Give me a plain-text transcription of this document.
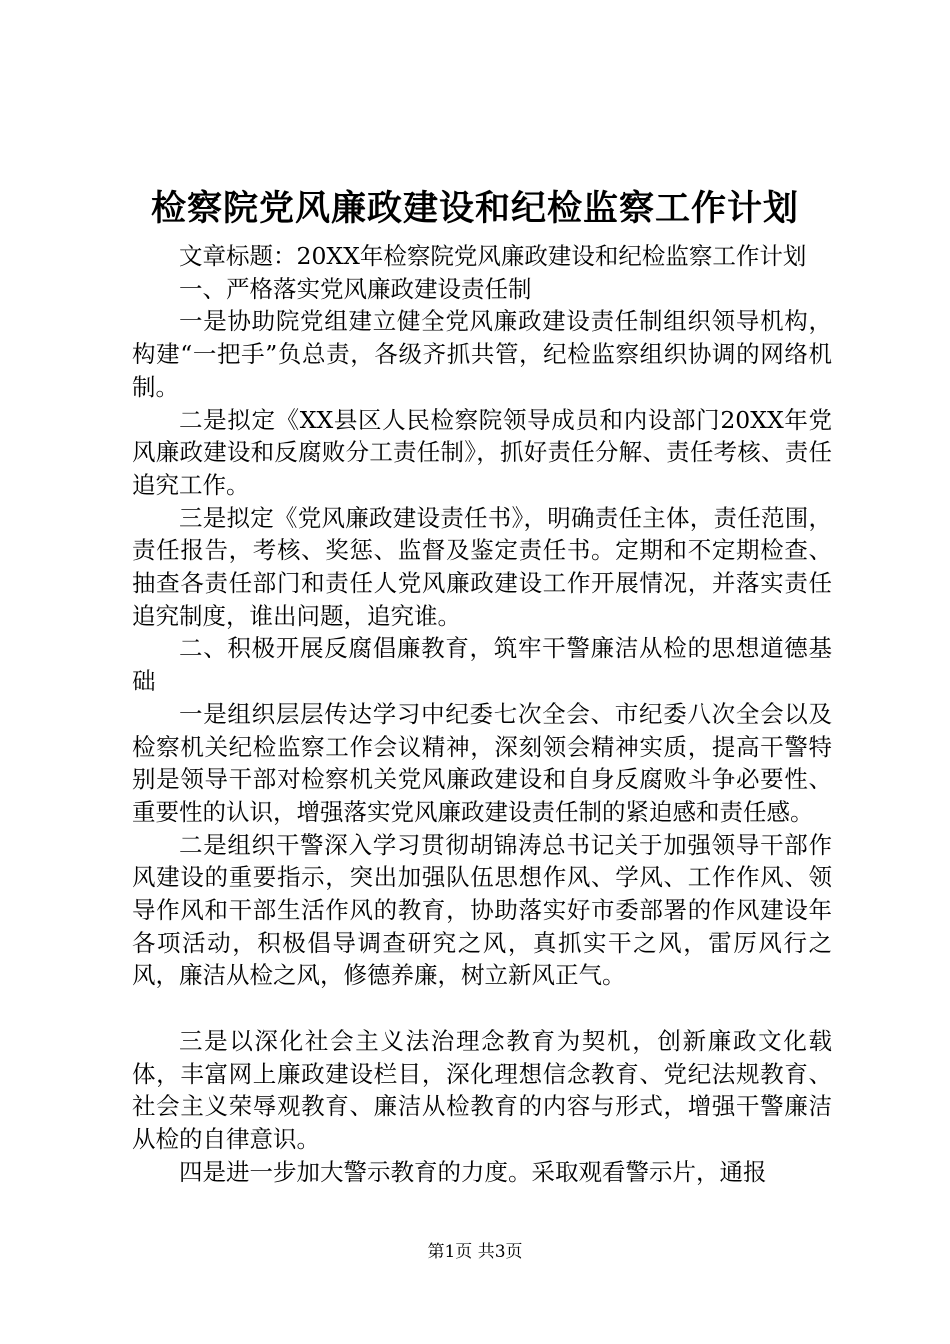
检察院党风廉政建设和纪检监察工作计划

文章标题：20XX年检察院党风廉政建设和纪检监察工作计划

一、严格落实党风廉政建设责任制

一是协助院党组建立健全党风廉政建设责任制组织领导机构，构建“一把手”负总责，各级齐抓共管，纪检监察组织协调的网络机制。

二是拟定《XX县区人民检察院领导成员和内设部门20XX年党风廉政建设和反腐败分工责任制》，抓好责任分解、责任考核、责任追究工作。

三是拟定《党风廉政建设责任书》，明确责任主体，责任范围，责任报告，考核、奖惩、监督及鉴定责任书。定期和不定期检查、抽查各责任部门和责任人党风廉政建设工作开展情况，并落实责任追究制度，谁出问题，追究谁。

二、积极开展反腐倡廉教育，筑牢干警廉洁从检的思想道德基础

一是组织层层传达学习中纪委七次全会、市纪委八次全会以及检察机关纪检监察工作会议精神，深刻领会精神实质，提高干警特别是领导干部对检察机关党风廉政建设和自身反腐败斗争必要性、重要性的认识，增强落实党风廉政建设责任制的紧迫感和责任感。

二是组织干警深入学习贯彻胡锦涛总书记关于加强领导干部作风建设的重要指示，突出加强队伍思想作风、学风、工作作风、领导作风和干部生活作风的教育，协助落实好市委部署的作风建设年各项活动，积极倡导调查研究之风，真抓实干之风，雷厉风行之风，廉洁从检之风，修德养廉，树立新风正气。

三是以深化社会主义法治理念教育为契机，创新廉政文化载体，丰富网上廉政建设栏目，深化理想信念教育、党纪法规教育、社会主义荣辱观教育、廉洁从检教育的内容与形式，增强干警廉洁从检的自律意识。

四是进一步加大警示教育的力度。采取观看警示片，通报

第1页 共3页
